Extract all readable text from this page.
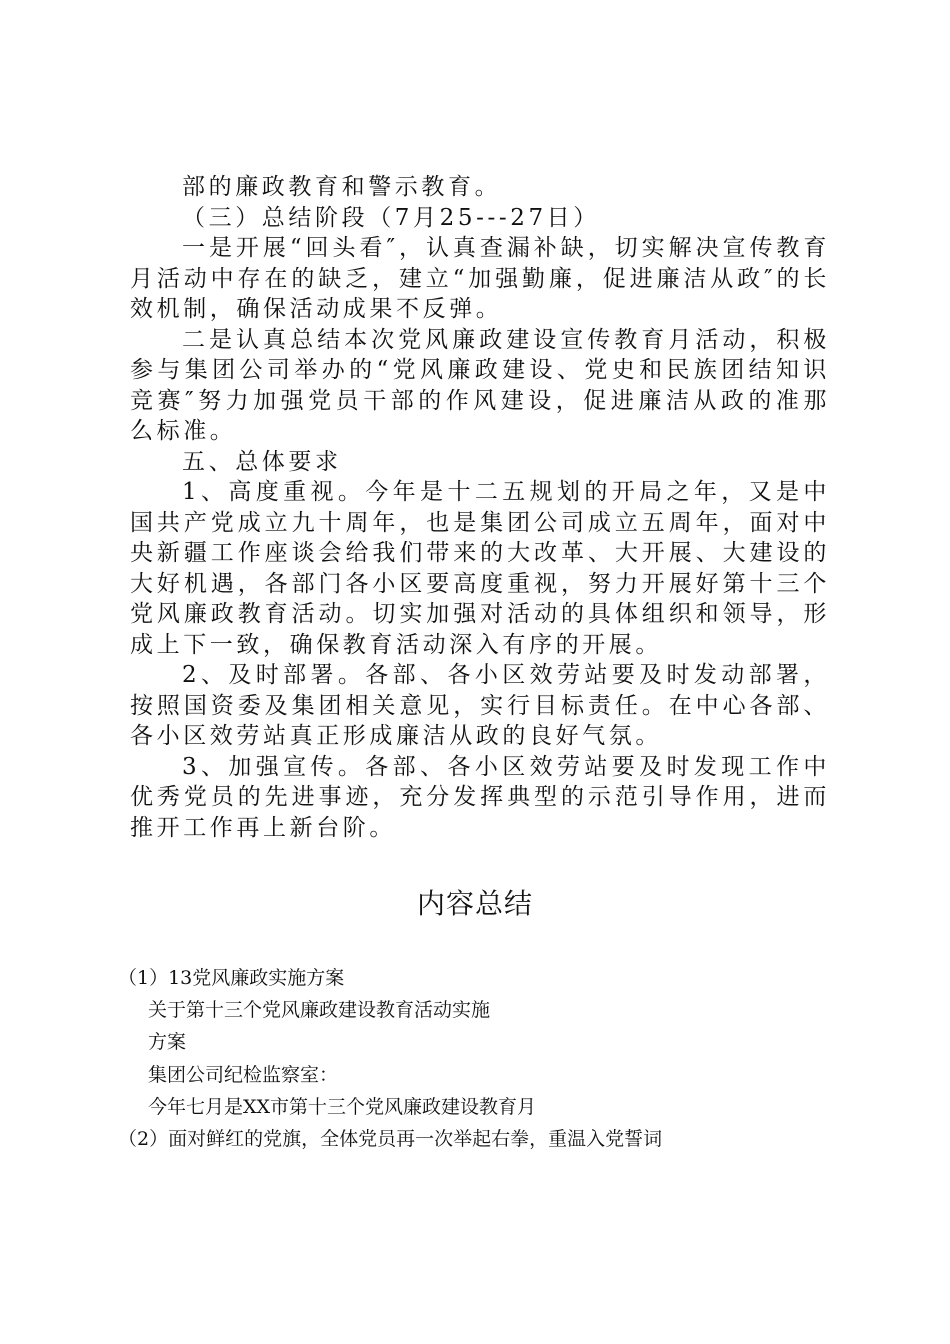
部的廉政教育和警示教育。

（三）总结阶段（7月25---27日）

一是开展“回头看″，认真查漏补缺，切实解决宣传教育月活动中存在的缺乏，建立“加强勤廉，促进廉洁从政″的长效机制，确保活动成果不反弹。

二是认真总结本次党风廉政建设宣传教育月活动，积极参与集团公司举办的“党风廉政建设、党史和民族团结知识竞赛″努力加强党员干部的作风建设，促进廉洁从政的准那么标准。

五、总体要求

1、高度重视。今年是十二五规划的开局之年，又是中国共产党成立九十周年，也是集团公司成立五周年，面对中央新疆工作座谈会给我们带来的大改革、大开展、大建设的大好机遇，各部门各小区要高度重视，努力开展好第十三个党风廉政教育活动。切实加强对活动的具体组织和领导，形成上下一致，确保教育活动深入有序的开展。

2、及时部署。各部、各小区效劳站要及时发动部署，按照国资委及集团相关意见，实行目标责任。在中心各部、各小区效劳站真正形成廉洁从政的良好气氛。

3、加强宣传。各部、各小区效劳站要及时发现工作中优秀党员的先进事迹，充分发挥典型的示范引导作用，进而推开工作再上新台阶。

内容总结

（1）13党风廉政实施方案

关于第十三个党风廉政建设教育活动实施

方案

集团公司纪检监察室：

今年七月是XX市第十三个党风廉政建设教育月

（2）面对鲜红的党旗，全体党员再一次举起右拳，重温入党誓词
